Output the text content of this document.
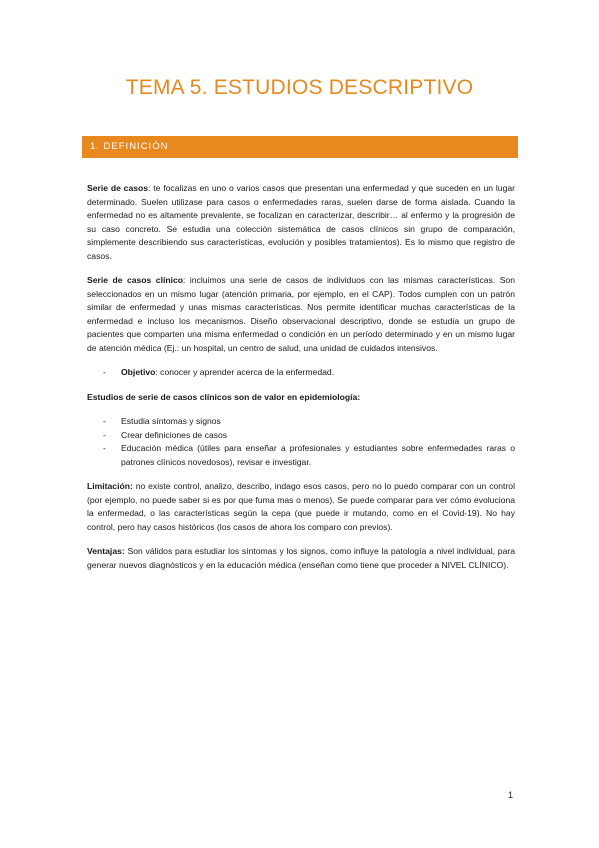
TEMA 5. ESTUDIOS DESCRIPTIVO
1. DEFINICIÓN

Serie de casos: te focalizas en uno o varios casos que presentan una enfermedad y que suceden en un lugar determinado. Suelen utilizase para casos o enfermedades raras, suelen darse de forma aislada. Cuando la enfermedad no es altamente prevalente, se focalizan en caracterizar, describir… al enfermo y la progresión de su caso concreto. Se estudia una colección sistemática de casos clínicos sin grupo de comparación, simplemente describiendo sus características, evolución y posibles tratamientos). Es lo mismo que registro de casos.

Serie de casos clínico: incluimos una serie de casos de individuos con las mismas características. Son seleccionados en un mismo lugar (atención primaria, por ejemplo, en el CAP). Todos cumplen con un patrón similar de enfermedad y unas mismas características. Nos permite identificar muchas características de la enfermedad e incluso los mecanismos. Diseño observacional descriptivo, donde se estudia un grupo de pacientes que comparten una misma enfermedad o condición en un período determinado y en un mismo lugar de atención médica (Ej.: un hospital, un centro de salud, una unidad de cuidados intensivos.

- Objetivo: conocer y aprender acerca de la enfermedad.

Estudios de serie de casos clínicos son de valor en epidemiología:

- Estudia síntomas y signos
- Crear definiciones de casos
- Educación médica (útiles para enseñar a profesionales y estudiantes sobre enfermedades raras o patrones clínicos novedosos), revisar e investigar.

Limitación: no existe control, analizo, describo, indago esos casos, pero no lo puedo comparar con un control (por ejemplo, no puede saber si es por que fuma mas o menos). Se puede comparar para ver cómo evoluciona la enfermedad, o las características según la cepa (que puede ir mutando, como en el Covid-19). No hay control, pero hay casos históricos (los casos de ahora los comparo con previos).

Ventajas: Son válidos para estudiar los síntomas y los signos, como influye la patología a nivel individual, para generar nuevos diagnósticos y en la educación médica (enseñan como tiene que proceder a NIVEL CLÍNICO).

1
